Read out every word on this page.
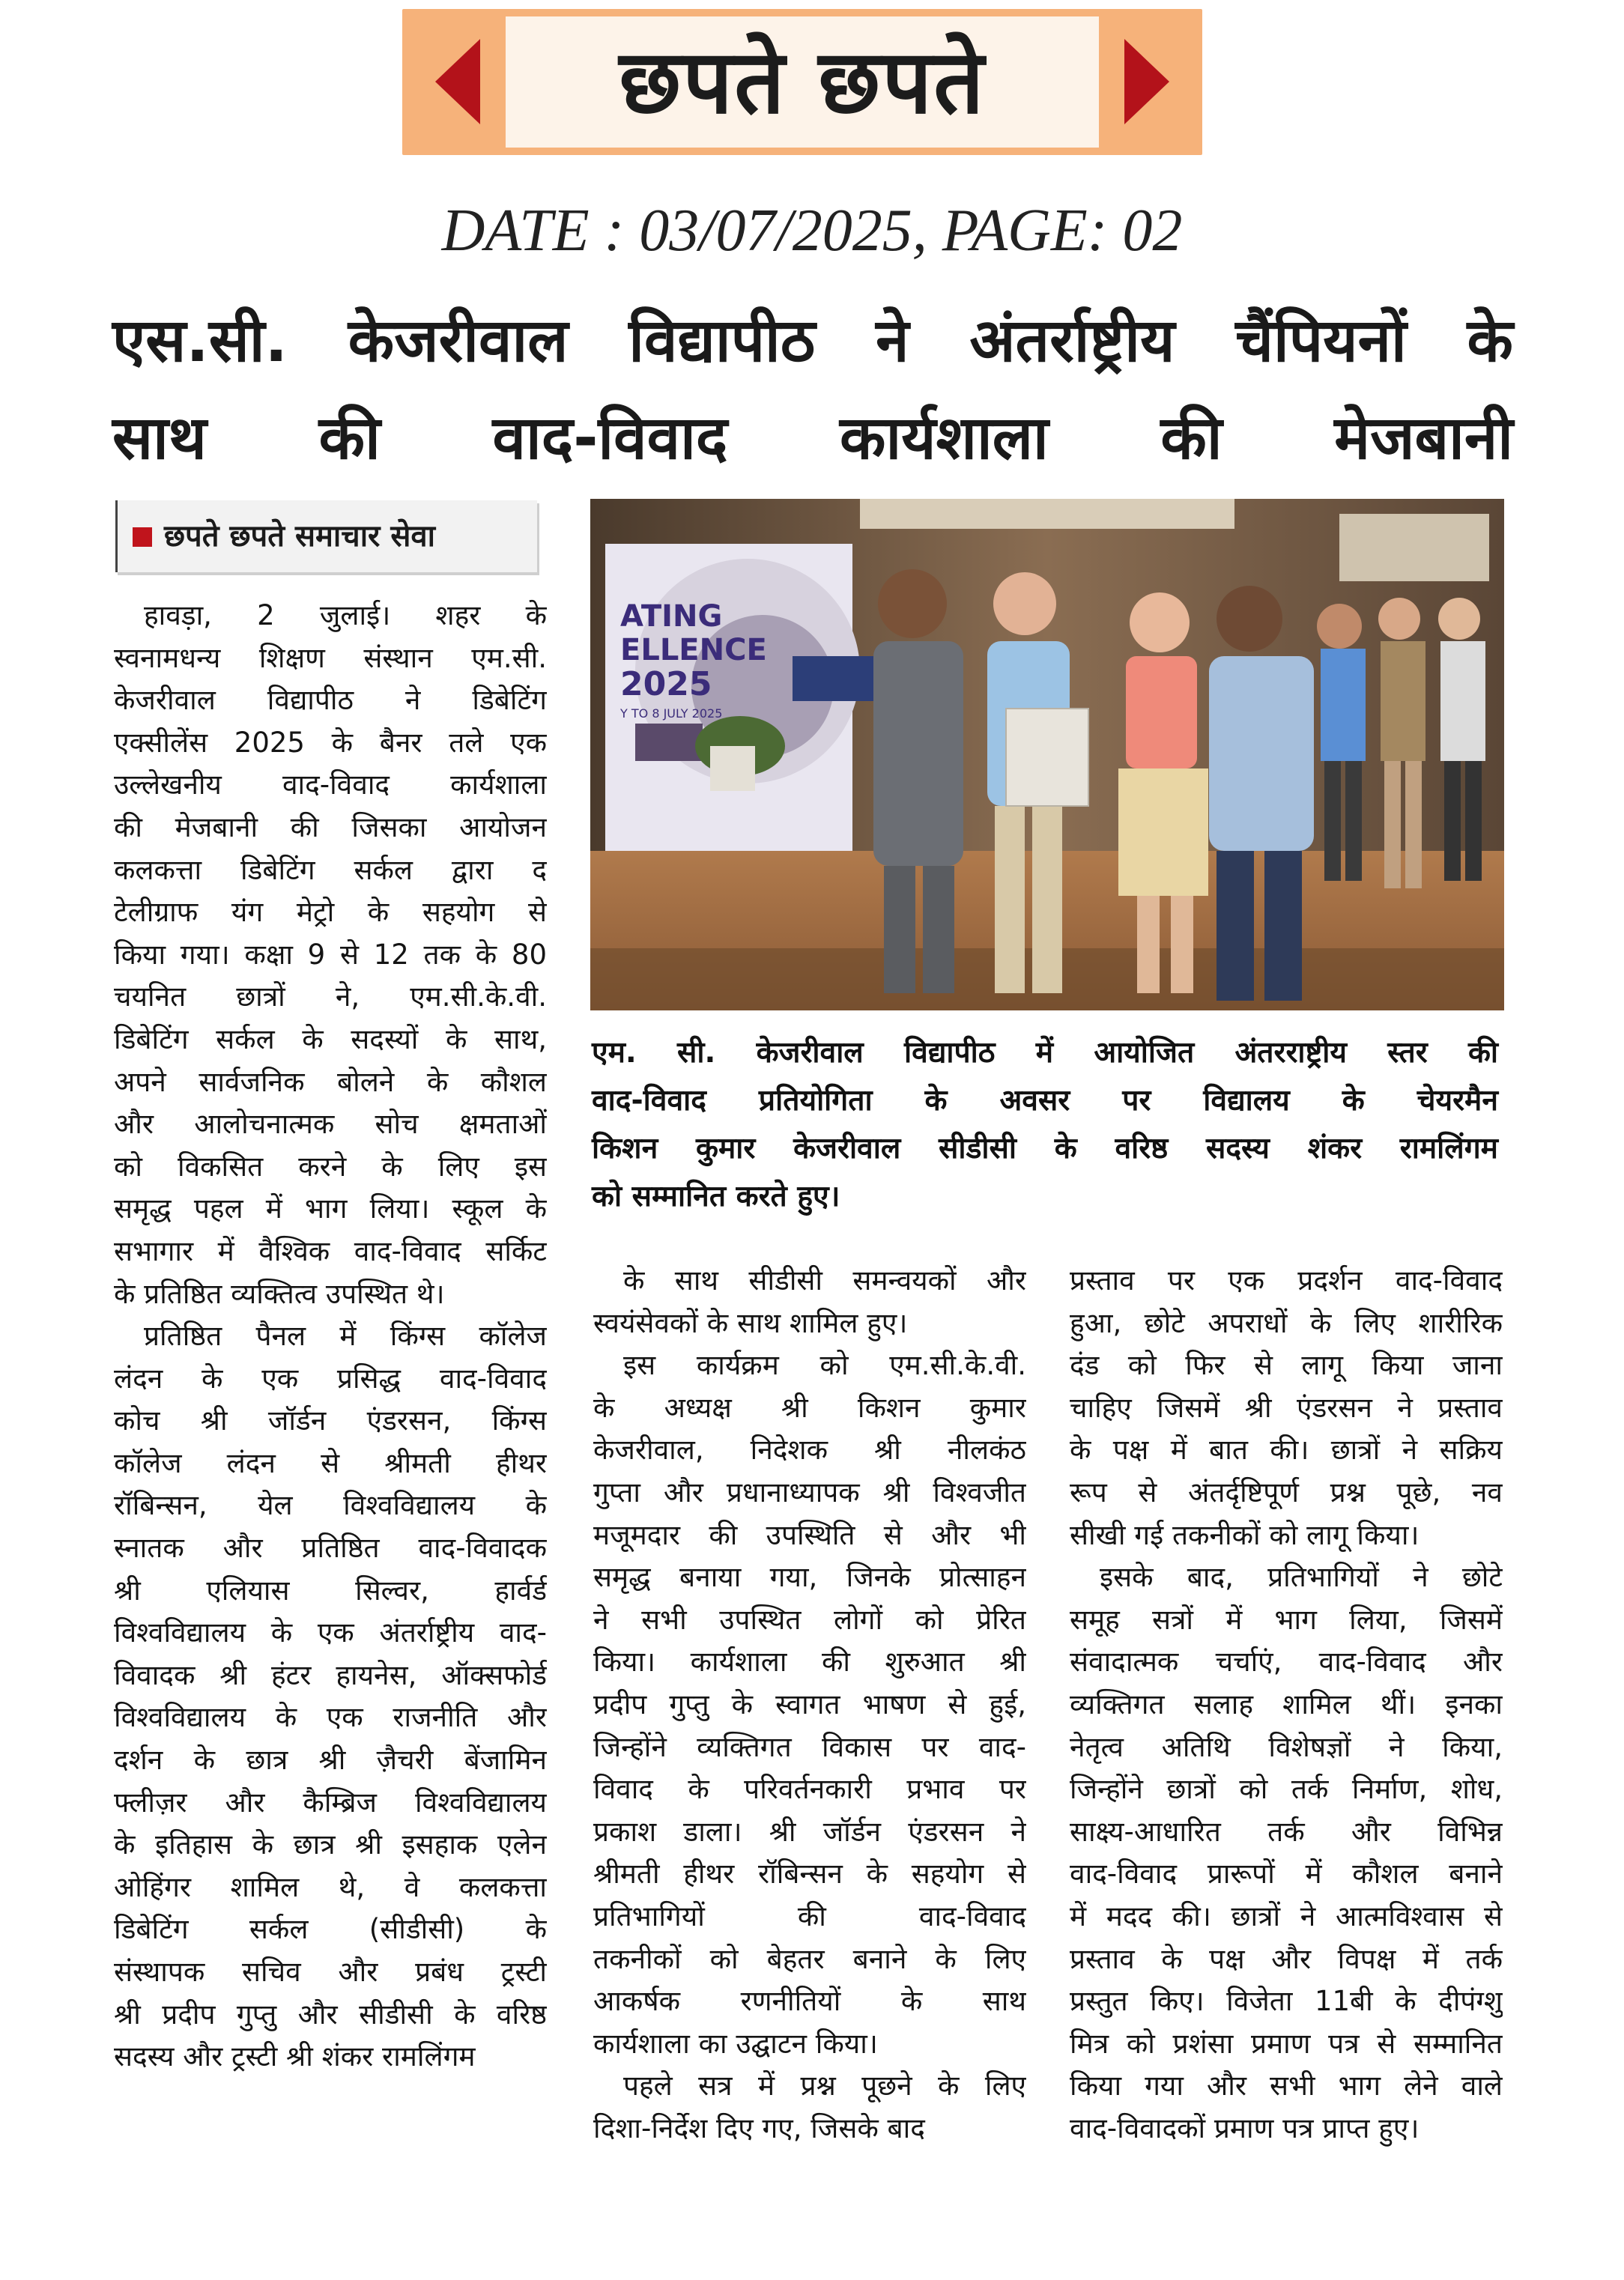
छपते छपते
DATE : 03/07/2025, PAGE: 02
एस.सी. केजरीवाल विद्यापीठ ने अंतर्राष्ट्रीय चैंपियनों के
साथ की वाद-विवाद कार्यशाला की मेजबानी
छपते छपते समाचार सेवा
ATING
ELLENCE
2025
Y TO 8 JULY 2025
एम. सी. केजरीवाल विद्यापीठ में आयोजित अंतरराष्ट्रीय स्तर की
वाद-विवाद प्रतियोगिता के अवसर पर विद्यालय के चेयरमैन
किशन कुमार केजरीवाल सीडीसी के वरिष्ठ सदस्य शंकर रामलिंगम
को सम्मानित करते हुए।
हावड़ा, 2 जुलाई। शहर के
स्वनामधन्य शिक्षण संस्थान एम.सी.
केजरीवाल विद्यापीठ ने डिबेटिंग
एक्सीलेंस 2025 के बैनर तले एक
उल्लेखनीय वाद-विवाद कार्यशाला
की मेजबानी की जिसका आयोजन
कलकत्ता डिबेटिंग सर्कल द्वारा द
टेलीग्राफ यंग मेट्रो के सहयोग से
किया गया। कक्षा 9 से 12 तक के 80
चयनित छात्रों ने, एम.सी.के.वी.
डिबेटिंग सर्कल के सदस्यों के साथ,
अपने सार्वजनिक बोलने के कौशल
और आलोचनात्मक सोच क्षमताओं
को विकसित करने के लिए इस
समृद्ध पहल में भाग लिया। स्कूल के
सभागार में वैश्विक वाद-विवाद सर्किट
के प्रतिष्ठित व्यक्तित्व उपस्थित थे।
प्रतिष्ठित पैनल में किंग्स कॉलेज
लंदन के एक प्रसिद्ध वाद-विवाद
कोच श्री जॉर्डन एंडरसन, किंग्स
कॉलेज लंदन से श्रीमती हीथर
रॉबिन्सन, येल विश्वविद्यालय के
स्नातक और प्रतिष्ठित वाद-विवादक
श्री एलियास सिल्वर, हार्वर्ड
विश्वविद्यालय के एक अंतर्राष्ट्रीय वाद-
विवादक श्री हंटर हायनेस, ऑक्सफोर्ड
विश्वविद्यालय के एक राजनीति और
दर्शन के छात्र श्री ज़ैचरी बेंजामिन
फ्लीज़र और कैम्ब्रिज विश्वविद्यालय
के इतिहास के छात्र श्री इसहाक एलेन
ओहिंगर शामिल थे, वे कलकत्ता
डिबेटिंग सर्कल (सीडीसी) के
संस्थापक सचिव और प्रबंध ट्रस्टी
श्री प्रदीप गुप्तु और सीडीसी के वरिष्ठ
सदस्य और ट्रस्टी श्री शंकर रामलिंगम
के साथ सीडीसी समन्वयकों और
स्वयंसेवकों के साथ शामिल हुए।
इस कार्यक्रम को एम.सी.के.वी.
के अध्यक्ष श्री किशन कुमार
केजरीवाल, निदेशक श्री नीलकंठ
गुप्ता और प्रधानाध्यापक श्री विश्वजीत
मजूमदार की उपस्थिति से और भी
समृद्ध बनाया गया, जिनके प्रोत्साहन
ने सभी उपस्थित लोगों को प्रेरित
किया। कार्यशाला की शुरुआत श्री
प्रदीप गुप्तु के स्वागत भाषण से हुई,
जिन्होंने व्यक्तिगत विकास पर वाद-
विवाद के परिवर्तनकारी प्रभाव पर
प्रकाश डाला। श्री जॉर्डन एंडरसन ने
श्रीमती हीथर रॉबिन्सन के सहयोग से
प्रतिभागियों की वाद-विवाद
तकनीकों को बेहतर बनाने के लिए
आकर्षक रणनीतियों के साथ
कार्यशाला का उद्घाटन किया।
पहले सत्र में प्रश्न पूछने के लिए
दिशा-निर्देश दिए गए, जिसके बाद
प्रस्ताव पर एक प्रदर्शन वाद-विवाद
हुआ, छोटे अपराधों के लिए शारीरिक
दंड को फिर से लागू किया जाना
चाहिए जिसमें श्री एंडरसन ने प्रस्ताव
के पक्ष में बात की। छात्रों ने सक्रिय
रूप से अंतर्दृष्टिपूर्ण प्रश्न पूछे, नव
सीखी गई तकनीकों को लागू किया।
इसके बाद, प्रतिभागियों ने छोटे
समूह सत्रों में भाग लिया, जिसमें
संवादात्मक चर्चाएं, वाद-विवाद और
व्यक्तिगत सलाह शामिल थीं। इनका
नेतृत्व अतिथि विशेषज्ञों ने किया,
जिन्होंने छात्रों को तर्क निर्माण, शोध,
साक्ष्य-आधारित तर्क और विभिन्न
वाद-विवाद प्रारूपों में कौशल बनाने
में मदद की। छात्रों ने आत्मविश्वास से
प्रस्ताव के पक्ष और विपक्ष में तर्क
प्रस्तुत किए। विजेता 11बी के दीपंग्शु
मित्र को प्रशंसा प्रमाण पत्र से सम्मानित
किया गया और सभी भाग लेने वाले
वाद-विवादकों प्रमाण पत्र प्राप्त हुए।
